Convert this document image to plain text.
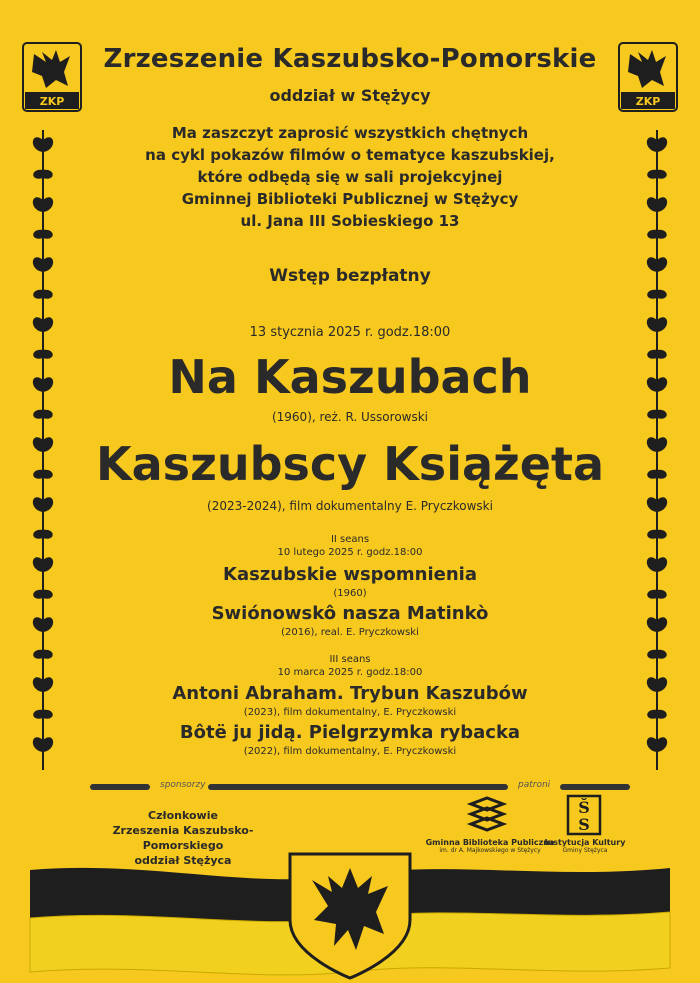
ZKP	ZKP
Zrzeszenie Kaszubsko-Pomorskie
oddział w Stężycy
Ma zaszczyt zaprosić wszystkich chętnych
na cykl pokazów filmów o tematyce kaszubskiej,
które odbędą się w sali projekcyjnej
Gminnej Biblioteki Publicznej w Stężycy
ul. Jana III Sobieskiego 13
Wstęp bezpłatny
13 stycznia 2025 r. godz.18:00
Na Kaszubach
(1960), reż. R. Ussorowski
Kaszubscy Książęta
(2023-2024), film dokumentalny E. Pryczkowski
II seans
10 lutego 2025 r. godz.18:00
Kaszubskie wspomnienia
(1960)
Swiónowskô nasza Matinkò
(2016), real. E. Pryczkowski
III seans
10 marca 2025 r. godz.18:00
Antoni Abraham. Trybun Kaszubów
(2023), film dokumentalny, E. Pryczkowski
Bôtë ju jidą. Pielgrzymka rybacka
(2022), film dokumentalny, E. Pryczkowski
sponsorzy	patroni
Członkowie
Zrzeszenia Kaszubsko-Pomorskiego
oddział Stężyca
Gminna Biblioteka Publiczna
im. dr A. Majkowskiego w Stężycy
Š
S
Instytucja Kultury
Gminy Stężyca
